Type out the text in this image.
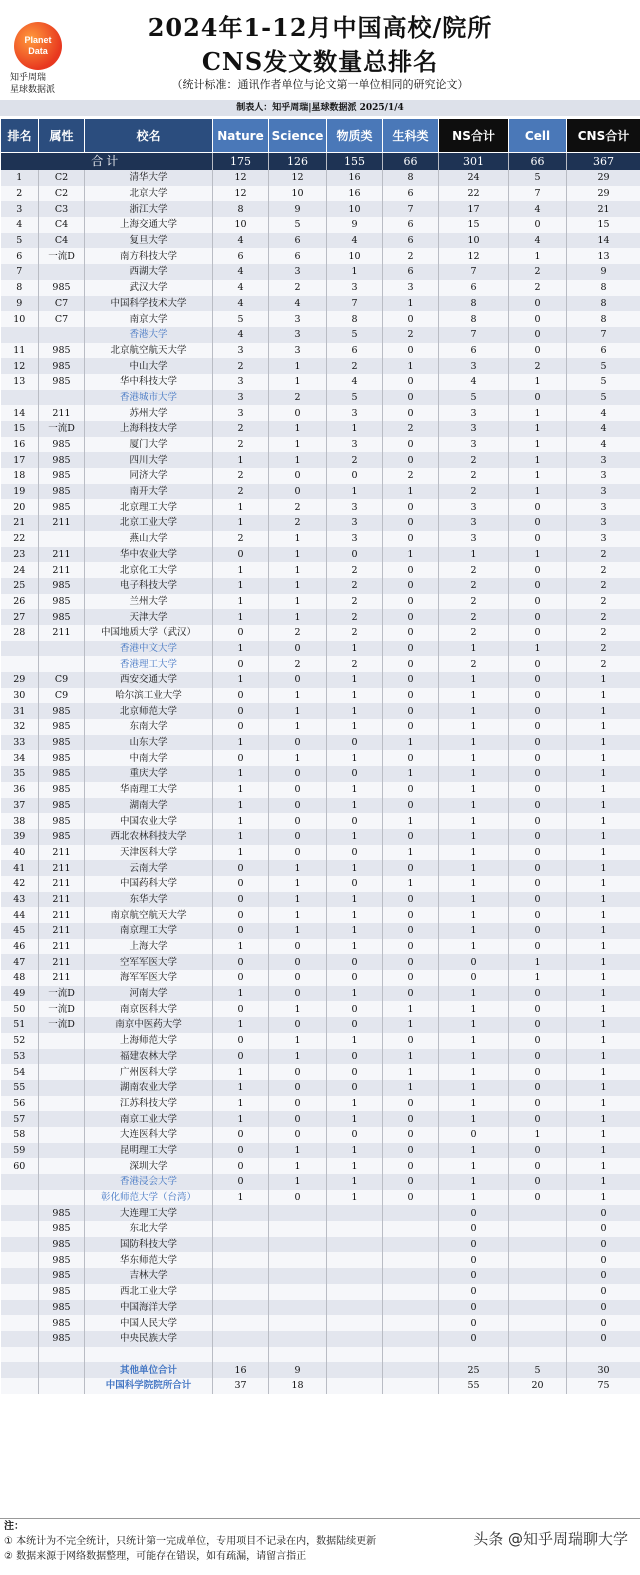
Planet
Data
知乎周瑞
星球数据派
2024年1-12月中国高校/院所
CNS发文数量总排名
（统计标准：通讯作者单位与论文第一单位相同的研究论文）
制表人：知乎周瑞|星球数据派 2025/1/4
排名	属性	校名	Nature	Science	物质类	生科类	NS合计	Cell	CNS合计
合计			175	126	155	66	301	66	367
1	C2	清华大学	12	12	16	8	24	5	29
2	C2	北京大学	12	10	16	6	22	7	29
3	C3	浙江大学	8	9	10	7	17	4	21
4	C4	上海交通大学	10	5	9	6	15	0	15
5	C4	复旦大学	4	6	4	6	10	4	14
6	一流D	南方科技大学	6	6	10	2	12	1	13
7		西湖大学	4	3	1	6	7	2	9
8	985	武汉大学	4	2	3	3	6	2	8
9	C7	中国科学技术大学	4	4	7	1	8	0	8
10	C7	南京大学	5	3	8	0	8	0	8
		香港大学	4	3	5	2	7	0	7
11	985	北京航空航天大学	3	3	6	0	6	0	6
12	985	中山大学	2	1	2	1	3	2	5
13	985	华中科技大学	3	1	4	0	4	1	5
		香港城市大学	3	2	5	0	5	0	5
14	211	苏州大学	3	0	3	0	3	1	4
15	一流D	上海科技大学	2	1	1	2	3	1	4
16	985	厦门大学	2	1	3	0	3	1	4
17	985	四川大学	1	1	2	0	2	1	3
18	985	同济大学	2	0	0	2	2	1	3
19	985	南开大学	2	0	1	1	2	1	3
20	985	北京理工大学	1	2	3	0	3	0	3
21	211	北京工业大学	1	2	3	0	3	0	3
22		燕山大学	2	1	3	0	3	0	3
23	211	华中农业大学	0	1	0	1	1	1	2
24	211	北京化工大学	1	1	2	0	2	0	2
25	985	电子科技大学	1	1	2	0	2	0	2
26	985	兰州大学	1	1	2	0	2	0	2
27	985	天津大学	1	1	2	0	2	0	2
28	211	中国地质大学（武汉）	0	2	2	0	2	0	2
		香港中文大学	1	0	1	0	1	1	2
		香港理工大学	0	2	2	0	2	0	2
29	C9	西安交通大学	1	0	1	0	1	0	1
30	C9	哈尔滨工业大学	0	1	1	0	1	0	1
31	985	北京师范大学	0	1	1	0	1	0	1
32	985	东南大学	0	1	1	0	1	0	1
33	985	山东大学	1	0	0	1	1	0	1
34	985	中南大学	0	1	1	0	1	0	1
35	985	重庆大学	1	0	0	1	1	0	1
36	985	华南理工大学	1	0	1	0	1	0	1
37	985	湖南大学	1	0	1	0	1	0	1
38	985	中国农业大学	1	0	0	1	1	0	1
39	985	西北农林科技大学	1	0	1	0	1	0	1
40	211	天津医科大学	1	0	0	1	1	0	1
41	211	云南大学	0	1	1	0	1	0	1
42	211	中国药科大学	0	1	0	1	1	0	1
43	211	东华大学	0	1	1	0	1	0	1
44	211	南京航空航天大学	0	1	1	0	1	0	1
45	211	南京理工大学	0	1	1	0	1	0	1
46	211	上海大学	1	0	1	0	1	0	1
47	211	空军军医大学	0	0	0	0	0	1	1
48	211	海军军医大学	0	0	0	0	0	1	1
49	一流D	河南大学	1	0	1	0	1	0	1
50	一流D	南京医科大学	0	1	0	1	1	0	1
51	一流D	南京中医药大学	1	0	0	1	1	0	1
52		上海师范大学	0	1	1	0	1	0	1
53		福建农林大学	0	1	0	1	1	0	1
54		广州医科大学	1	0	0	1	1	0	1
55		湖南农业大学	1	0	0	1	1	0	1
56		江苏科技大学	1	0	1	0	1	0	1
57		南京工业大学	1	0	1	0	1	0	1
58		大连医科大学	0	0	0	0	0	1	1
59		昆明理工大学	0	1	1	0	1	0	1
60		深圳大学	0	1	1	0	1	0	1
		香港浸会大学	0	1	1	0	1	0	1
		彰化师范大学（台湾）	1	0	1	0	1	0	1
	985	大连理工大学					0		0
	985	东北大学					0		0
	985	国防科技大学					0		0
	985	华东师范大学					0		0
	985	吉林大学					0		0
	985	西北工业大学					0		0
	985	中国海洋大学					0		0
	985	中国人民大学					0		0
	985	中央民族大学					0		0

		其他单位合计	16	9			25	5	30
		中国科学院院所合计	37	18			55	20	75
注：
① 本统计为不完全统计，只统计第一完成单位，专用项目不记录在内，数据陆续更新
② 数据来源于网络数据整理，可能存在错误，如有疏漏，请留言指正
头条 @知乎周瑞聊大学
